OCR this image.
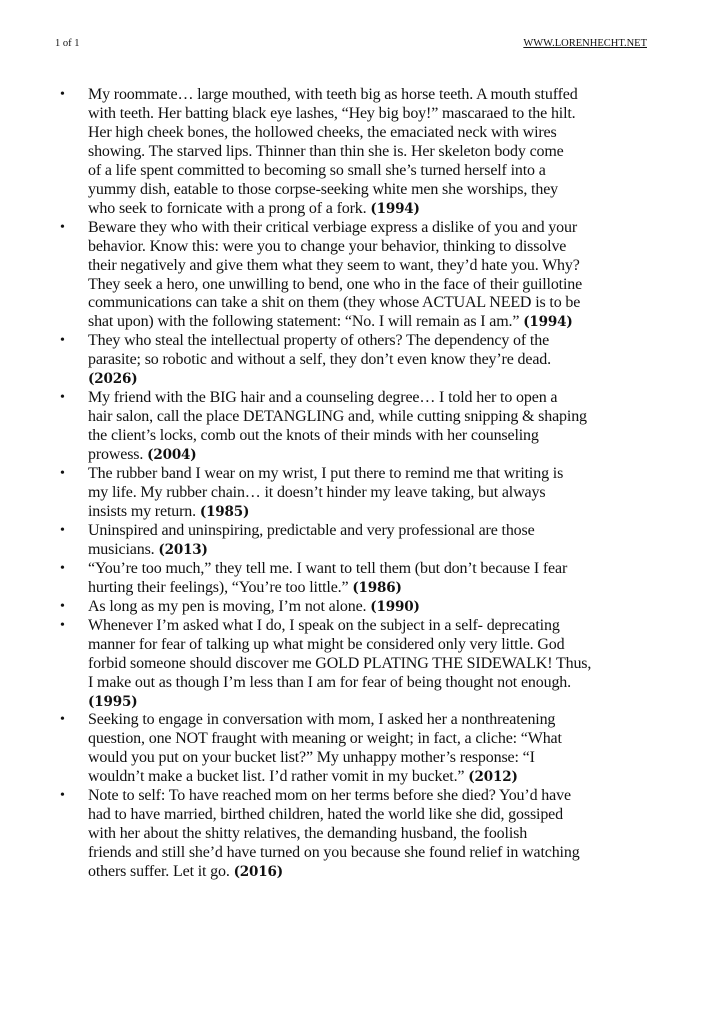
1 of 1	WWW.LORENHECHT.NET
• My roommate… large mouthed, with teeth big as horse teeth. A mouth stuffed
with teeth. Her batting black eye lashes, “Hey big boy!” mascaraed to the hilt.
Her high cheek bones, the hollowed cheeks, the emaciated neck with wires
showing. The starved lips. Thinner than thin she is. Her skeleton body come
of a life spent committed to becoming so small she’s turned herself into a
yummy dish, eatable to those corpse-seeking white men she worships, they
who seek to fornicate with a prong of a fork. (1994)
• Beware they who with their critical verbiage express a dislike of you and your
behavior. Know this: were you to change your behavior, thinking to dissolve
their negatively and give them what they seem to want, they’d hate you. Why?
They seek a hero, one unwilling to bend, one who in the face of their guillotine
communications can take a shit on them (they whose ACTUAL NEED is to be
shat upon) with the following statement: “No. I will remain as I am.” (1994)
• They who steal the intellectual property of others? The dependency of the
parasite; so robotic and without a self, they don’t even know they’re dead.
(2026)
• My friend with the BIG hair and a counseling degree… I told her to open a
hair salon, call the place DETANGLING and, while cutting snipping & shaping
the client’s locks, comb out the knots of their minds with her counseling
prowess. (2004)
• The rubber band I wear on my wrist, I put there to remind me that writing is
my life. My rubber chain… it doesn’t hinder my leave taking, but always
insists my return. (1985)
• Uninspired and uninspiring, predictable and very professional are those
musicians. (2013)
• “You’re too much,” they tell me. I want to tell them (but don’t because I fear
hurting their feelings), “You’re too little.” (1986)
• As long as my pen is moving, I’m not alone. (1990)
• Whenever I’m asked what I do, I speak on the subject in a self- deprecating
manner for fear of talking up what might be considered only very little. God
forbid someone should discover me GOLD PLATING THE SIDEWALK! Thus,
I make out as though I’m less than I am for fear of being thought not enough.
(1995)
• Seeking to engage in conversation with mom, I asked her a nonthreatening
question, one NOT fraught with meaning or weight; in fact, a cliche: “What
would you put on your bucket list?” My unhappy mother’s response: “I
wouldn’t make a bucket list. I’d rather vomit in my bucket.” (2012)
• Note to self: To have reached mom on her terms before she died? You’d have
had to have married, birthed children, hated the world like she did, gossiped
with her about the shitty relatives, the demanding husband, the foolish
friends and still she’d have turned on you because she found relief in watching
others suffer. Let it go. (2016)
